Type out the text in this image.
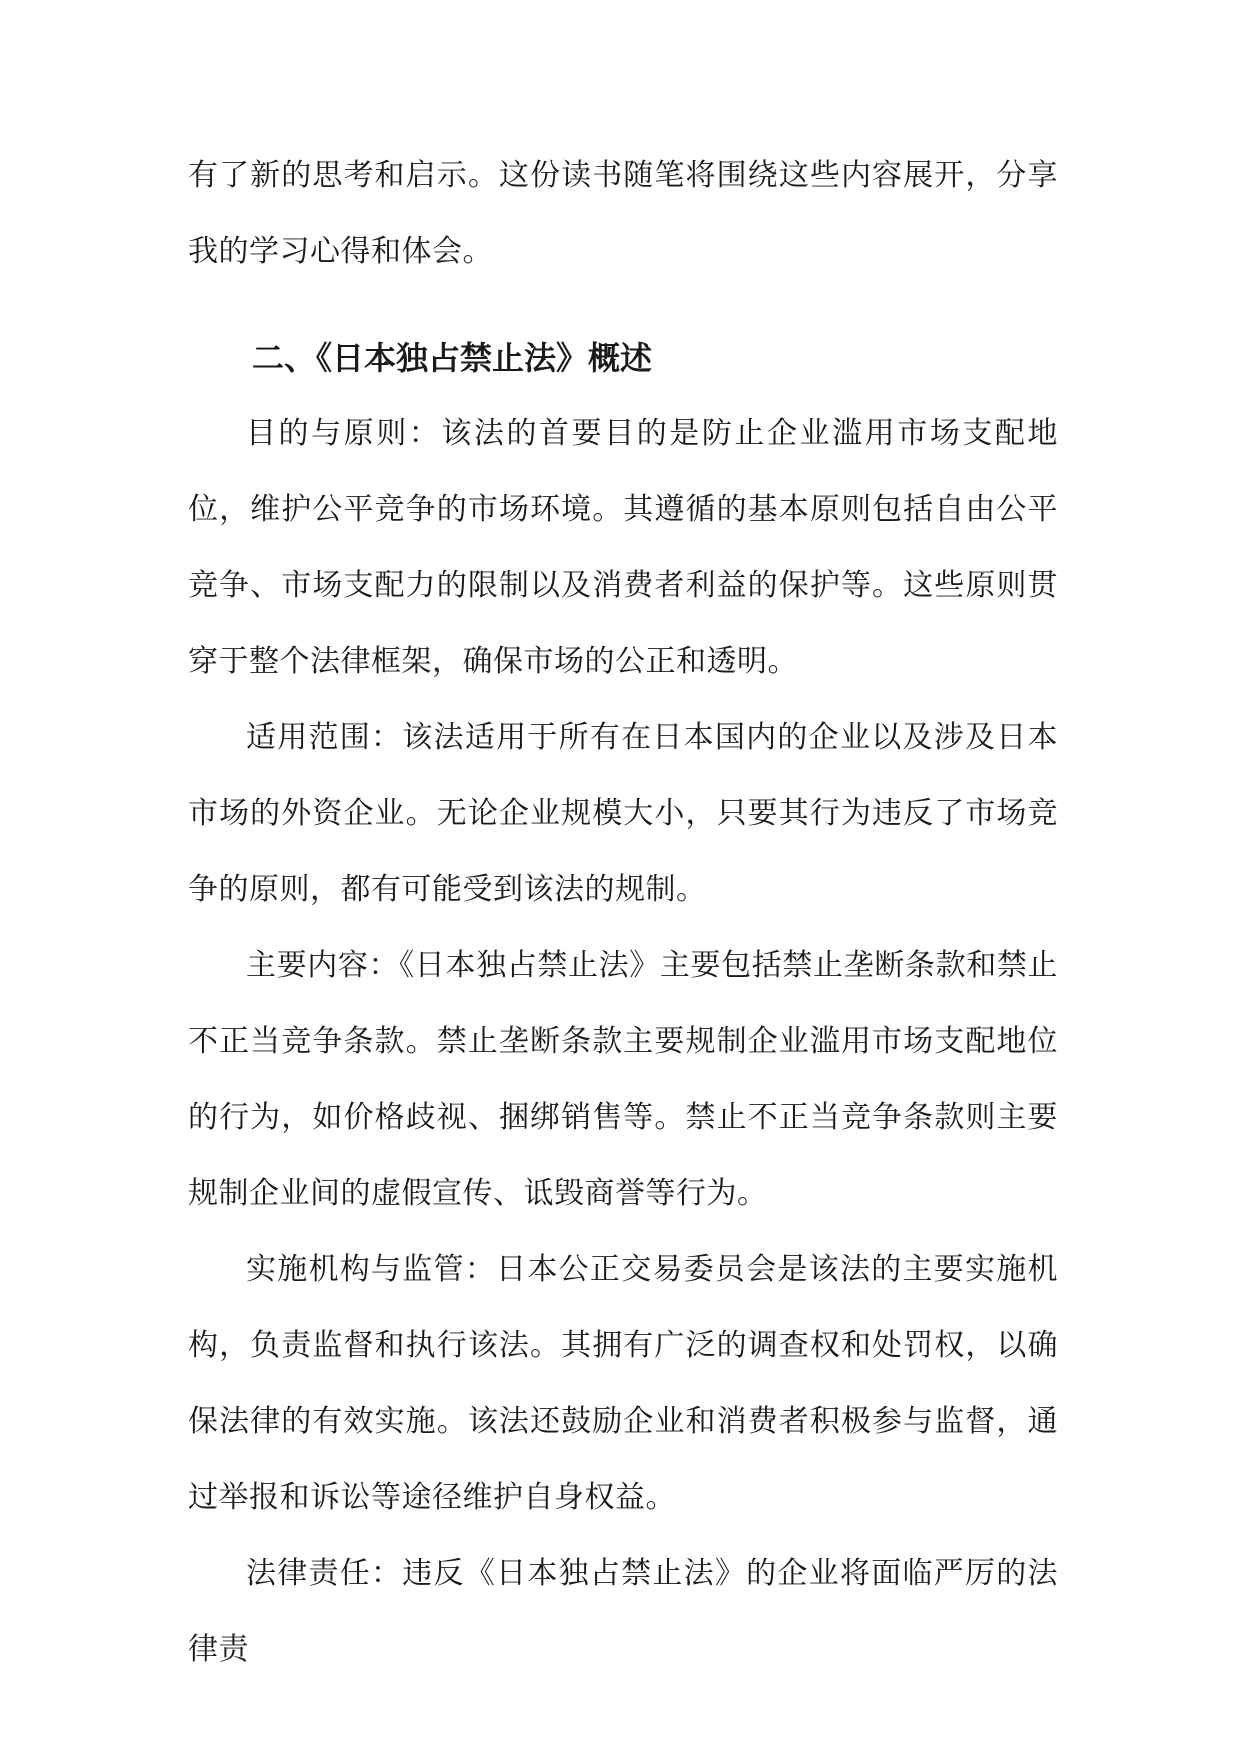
有了新的思考和启示。这份读书随笔将围绕这些内容展开，分享我的学习心得和体会。

二、《日本独占禁止法》概述

目的与原则：该法的首要目的是防止企业滥用市场支配地位，维护公平竞争的市场环境。其遵循的基本原则包括自由公平竞争、市场支配力的限制以及消费者利益的保护等。这些原则贯穿于整个法律框架，确保市场的公正和透明。

适用范围：该法适用于所有在日本国内的企业以及涉及日本市场的外资企业。无论企业规模大小，只要其行为违反了市场竞争的原则，都有可能受到该法的规制。

主要内容：《日本独占禁止法》主要包括禁止垄断条款和禁止不正当竞争条款。禁止垄断条款主要规制企业滥用市场支配地位的行为，如价格歧视、捆绑销售等。禁止不正当竞争条款则主要规制企业间的虚假宣传、诋毁商誉等行为。

实施机构与监管：日本公正交易委员会是该法的主要实施机构，负责监督和执行该法。其拥有广泛的调查权和处罚权，以确保法律的有效实施。该法还鼓励企业和消费者积极参与监督，通过举报和诉讼等途径维护自身权益。

法律责任：违反《日本独占禁止法》的企业将面临严厉的法律责
